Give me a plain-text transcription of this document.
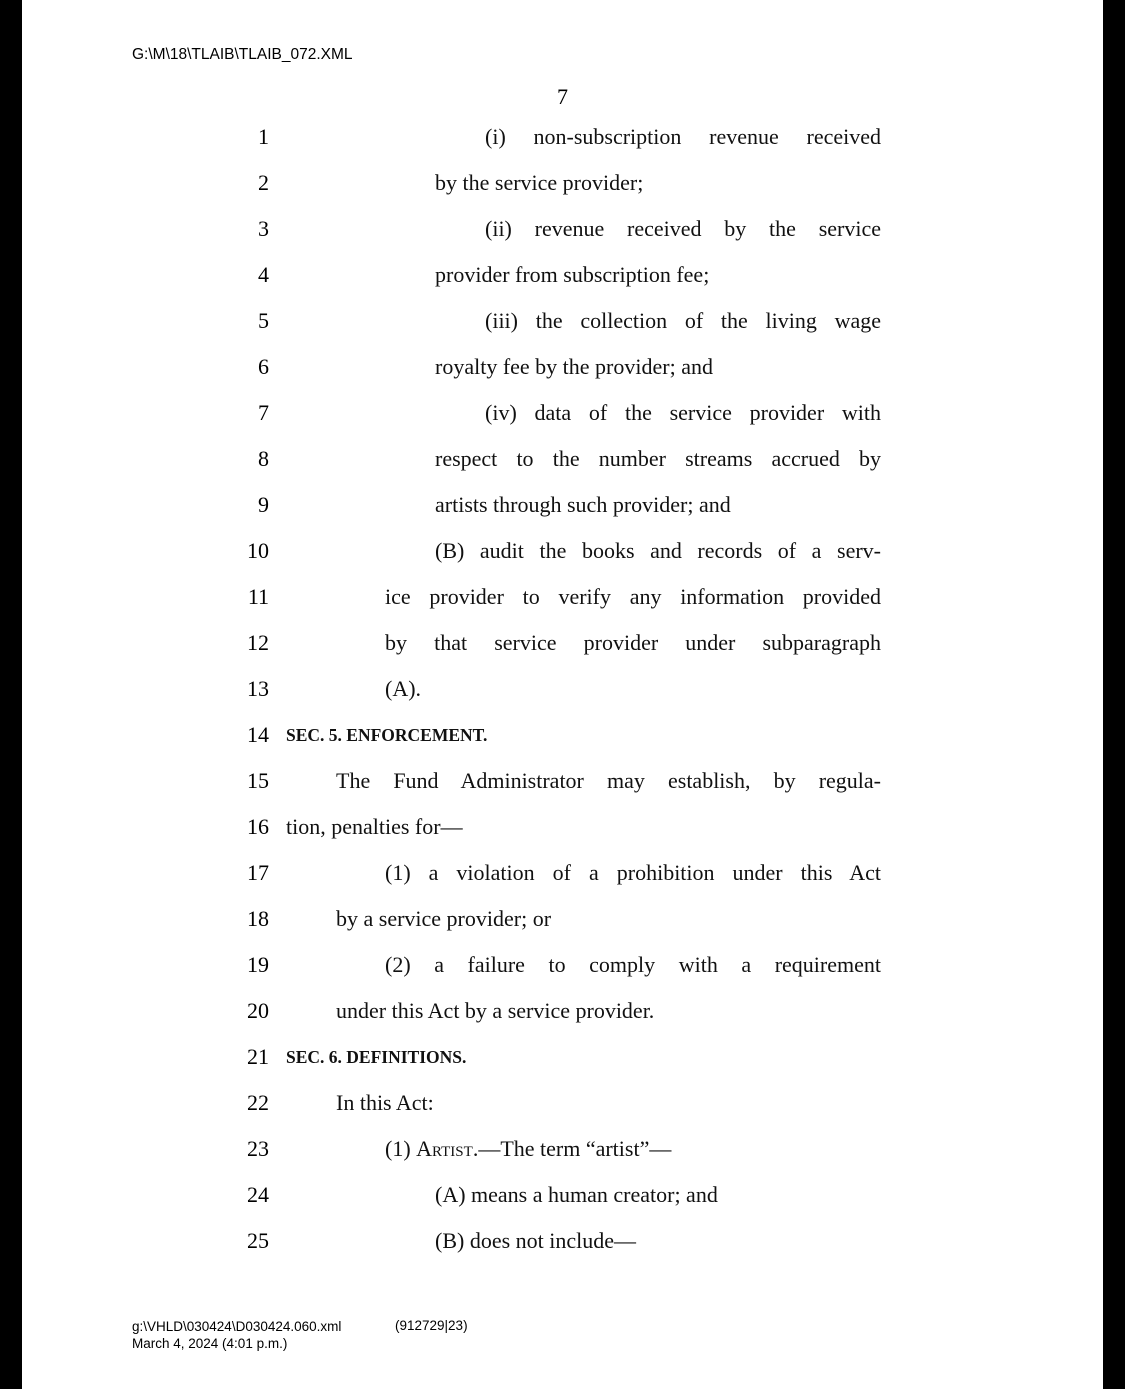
G:\M\18\TLAIB\TLAIB_072.XML
7
1	(i) non-subscription revenue received
2	by the service provider;
3	(ii) revenue received by the service
4	provider from subscription fee;
5	(iii) the collection of the living wage
6	royalty fee by the provider; and
7	(iv) data of the service provider with
8	respect to the number streams accrued by
9	artists through such provider; and
10	(B) audit the books and records of a serv-
11	ice provider to verify any information provided
12	by that service provider under subparagraph
13	(A).
14 SEC. 5. ENFORCEMENT.
15	The Fund Administrator may establish, by regula-
16 tion, penalties for—
17	(1) a violation of a prohibition under this Act
18	by a service provider; or
19	(2) a failure to comply with a requirement
20	under this Act by a service provider.
21 SEC. 6. DEFINITIONS.
22	In this Act:
23	(1) Artist.—The term “artist”—
24	(A) means a human creator; and
25	(B) does not include—
g:\VHLD\030424\D030424.060.xml
March 4, 2024 (4:01 p.m.)
(912729|23)
